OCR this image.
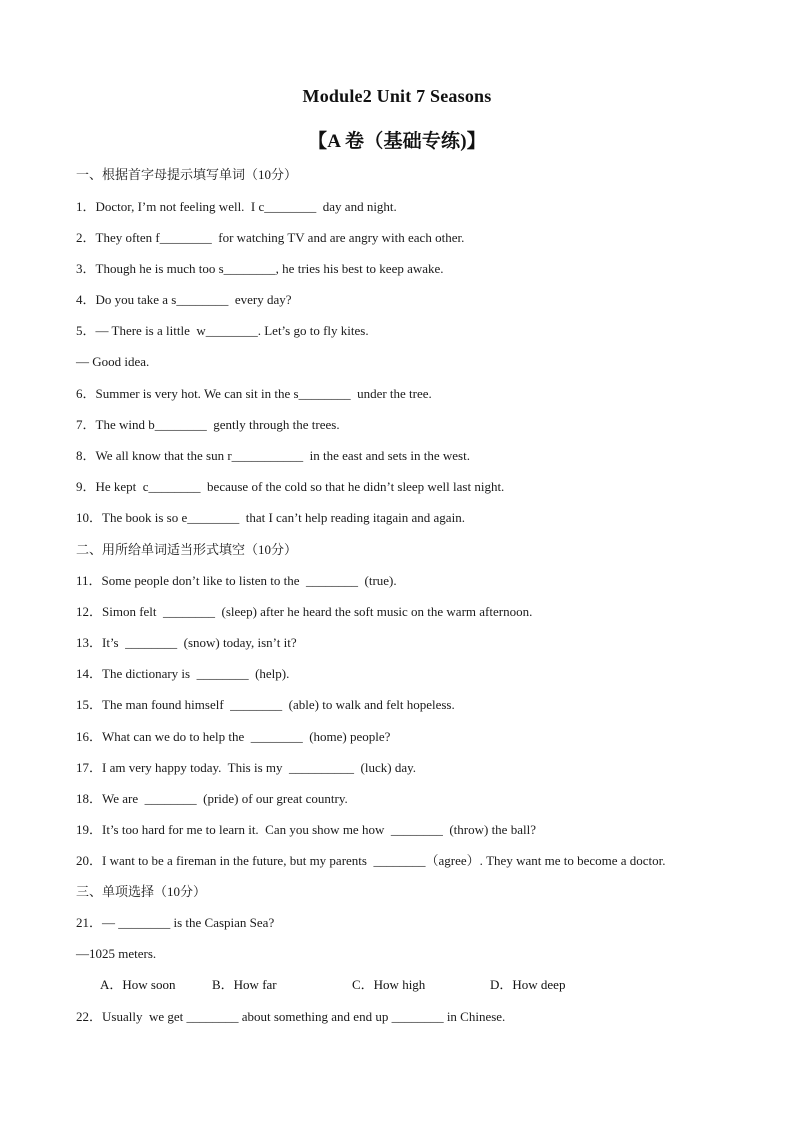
Module2 Unit 7 Seasons
【A 卷（基础专练)】
一、根据首字母提示填写单词（10分）
1．Doctor, I’m not feeling well.  I c________  day and night.
2．They often f________  for watching TV and are angry with each other.
3．Though he is much too s________, he tries his best to keep awake.
4．Do you take a s________  every day?
5．— There is a little  w________. Let’s go to fly kites.
— Good idea.
6．Summer is very hot. We can sit in the s________  under the tree.
7．The wind b________  gently through the trees.
8．We all know that the sun r___________  in the east and sets in the west.
9．He kept  c________  because of the cold so that he didn’t sleep well last night.
10．The book is so e________  that I can’t help reading itagain and again.
二、用所给单词适当形式填空（10分）
11．Some people don’t like to listen to the  ________  (true).
12．Simon felt  ________  (sleep) after he heard the soft music on the warm afternoon.
13．It’s  ________  (snow) today, isn’t it?
14．The dictionary is  ________  (help).
15．The man found himself  ________  (able) to walk and felt hopeless.
16．What can we do to help the  ________  (home) people?
17．I am very happy today.  This is my  __________  (luck) day.
18．We are  ________  (pride) of our great country.
19．It’s too hard for me to learn it.  Can you show me how  ________  (throw) the ball?
20．I want to be a fireman in the future, but my parents  ________（agree）. They want me to become a doctor.
三、单项选择（10分）
21．— ________ is the Caspian Sea?
—1025 meters.
A．How soon	B．How far	C．How high	D．How deep
22．Usually  we get ________ about something and end up ________ in Chinese.
